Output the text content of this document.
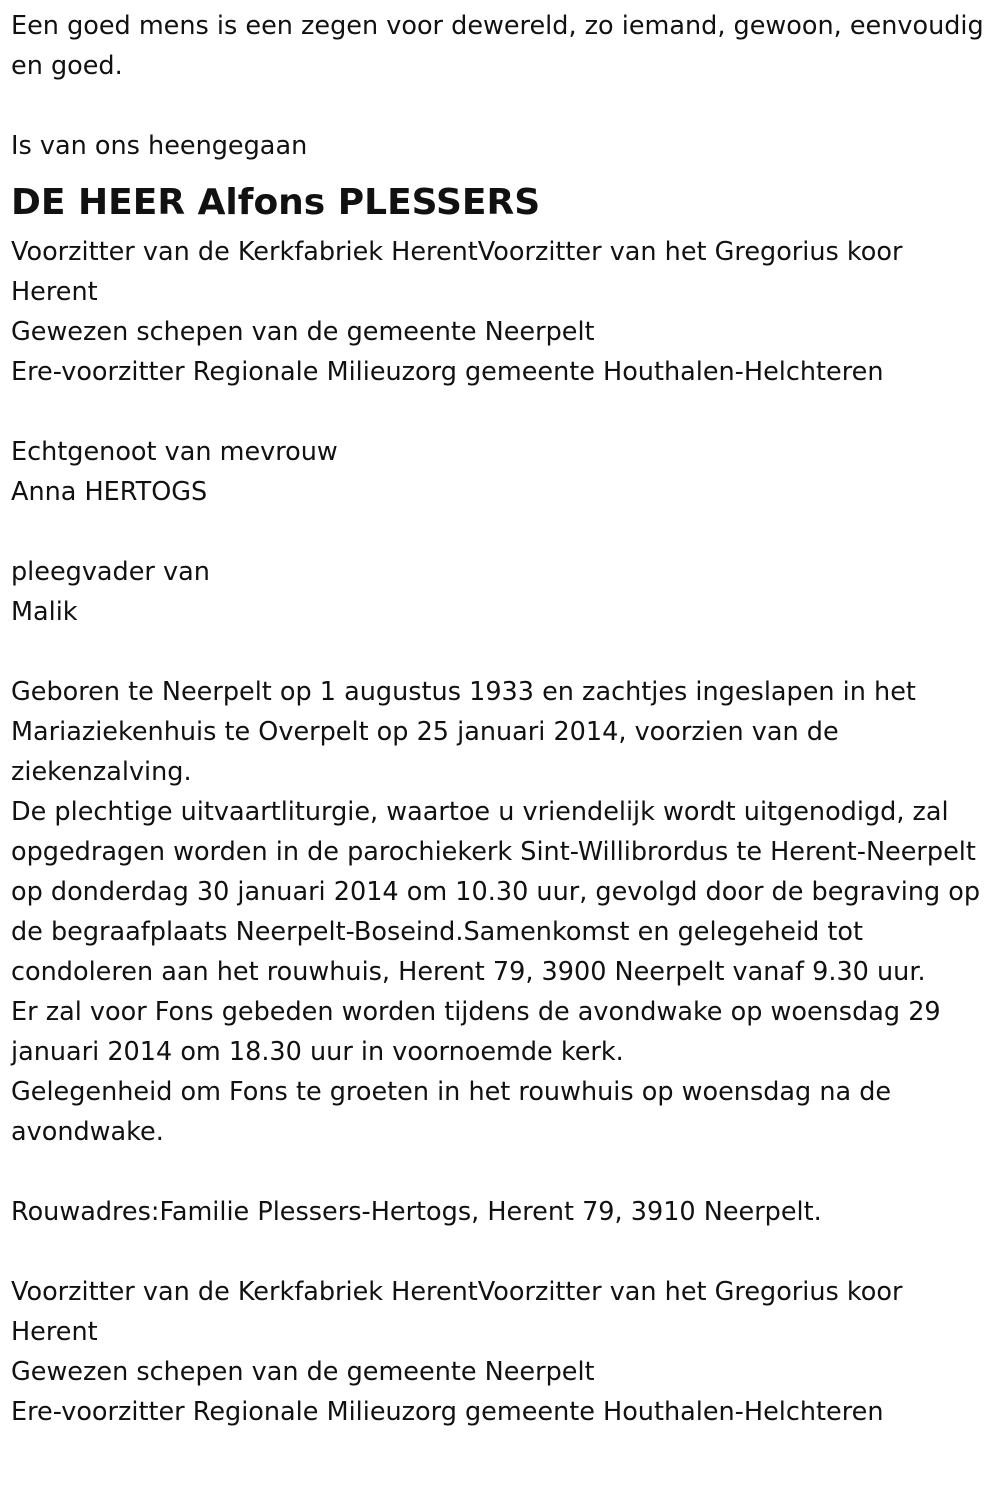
Een goed mens is een zegen voor dewereld, zo iemand, gewoon, eenvoudig en goed.

Is van ons heengegaan

DE HEER Alfons PLESSERS

Voorzitter van de Kerkfabriek HerentVoorzitter van het Gregorius koor Herent

Gewezen schepen van de gemeente Neerpelt

Ere-voorzitter Regionale Milieuzorg gemeente Houthalen-Helchteren

Echtgenoot van mevrouw

Anna HERTOGS

pleegvader van

Malik

Geboren te Neerpelt op 1 augustus 1933 en zachtjes ingeslapen in het Mariaziekenhuis te Overpelt op 25 januari 2014, voorzien van de ziekenzalving.

De plechtige uitvaartliturgie, waartoe u vriendelijk wordt uitgenodigd, zal opgedragen worden in de parochiekerk Sint-Willibrordus te Herent-Neerpelt op donderdag 30 januari 2014 om 10.30 uur, gevolgd door de begraving op de begraafplaats Neerpelt-Boseind.Samenkomst en gelegeheid tot condoleren aan het rouwhuis, Herent 79, 3900 Neerpelt vanaf 9.30 uur.

Er zal voor Fons gebeden worden tijdens de avondwake op woensdag 29 januari 2014 om 18.30 uur in voornoemde kerk.

Gelegenheid om Fons te groeten in het rouwhuis op woensdag na de avondwake.

Rouwadres:Familie Plessers-Hertogs, Herent 79, 3910 Neerpelt.

Voorzitter van de Kerkfabriek HerentVoorzitter van het Gregorius koor Herent

Gewezen schepen van de gemeente Neerpelt

Ere-voorzitter Regionale Milieuzorg gemeente Houthalen-Helchteren
